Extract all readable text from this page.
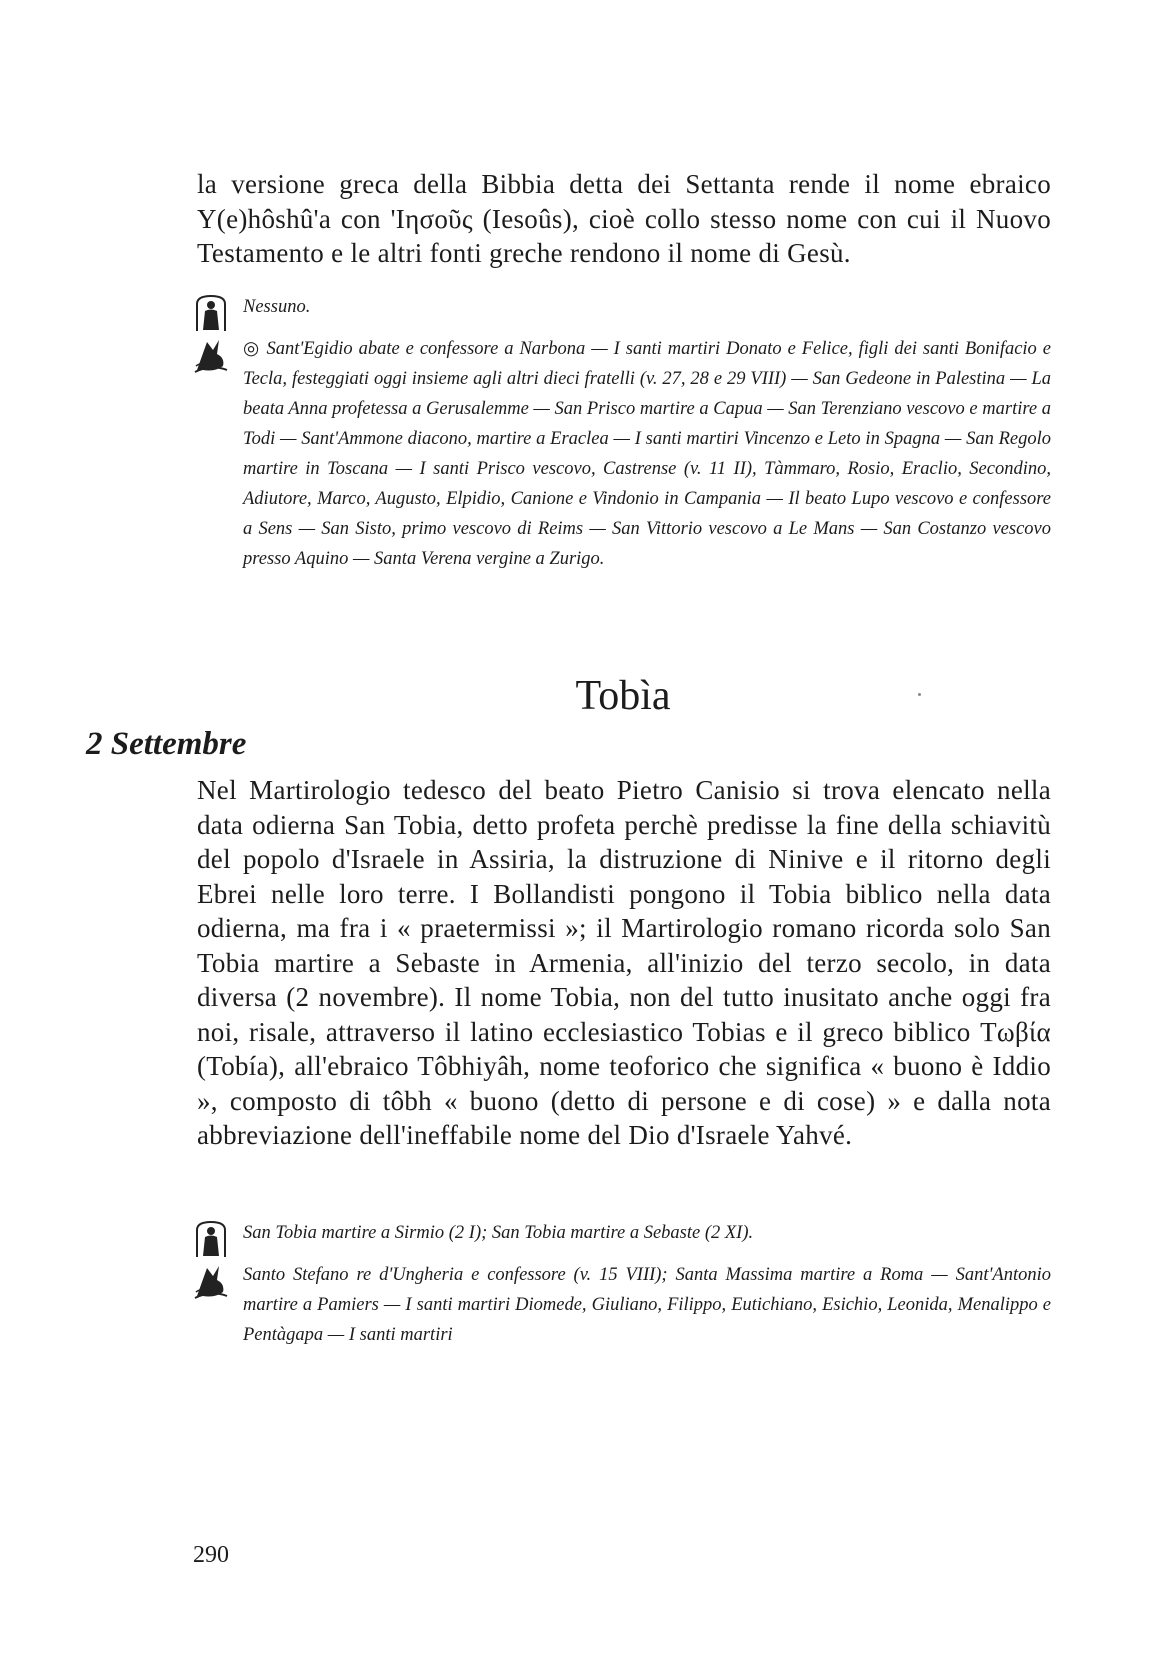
la versione greca della Bibbia detta dei Settanta rende il nome ebraico Y(e)hôshû'a con 'Ιησοῦς (Iesoûs), cioè collo stesso nome con cui il Nuovo Testamento e le altri fonti greche rendono il nome di Gesù.

Nessuno.
◎ Sant'Egidio abate e confessore a Narbona — I santi martiri Donato e Felice, figli dei santi Bonifacio e Tecla, festeggiati oggi insieme agli altri dieci fratelli (v. 27, 28 e 29 VIII) — San Gedeone in Palestina — La beata Anna profetessa a Gerusalemme — San Prisco martire a Capua — San Terenziano vescovo e martire a Todi — Sant'Ammone diacono, martire a Eraclea — I santi martiri Vincenzo e Leto in Spagna — San Regolo martire in Toscana — I santi Prisco vescovo, Castrense (v. 11 II), Tàmmaro, Rosio, Eraclio, Secondino, Adiutore, Marco, Augusto, Elpidio, Canione e Vindonio in Campania — Il beato Lupo vescovo e confessore a Sens — San Sisto, primo vescovo di Reims — San Vittorio vescovo a Le Mans — San Costanzo vescovo presso Aquino — Santa Verena vergine a Zurigo.
Tobìa
2 Settembre

Nel Martirologio tedesco del beato Pietro Canisio si trova elencato nella data odierna San Tobia, detto profeta perchè predisse la fine della schiavitù del popolo d'Israele in Assiria, la distruzione di Ninive e il ritorno degli Ebrei nelle loro terre. I Bollandisti pongono il Tobia biblico nella data odierna, ma fra i « praetermissi »; il Martirologio romano ricorda solo San Tobia martire a Sebaste in Armenia, all'inizio del terzo secolo, in data diversa (2 novembre). Il nome Tobia, non del tutto inusitato anche oggi fra noi, risale, attraverso il latino ecclesiastico Tobias e il greco biblico Τωβία (Tobía), all'ebraico Tôbhiyâh, nome teoforico che significa « buono è Iddio », composto di tôbh « buono (detto di persone e di cose) » e dalla nota abbreviazione dell'ineffabile nome del Dio d'Israele Yahvé.

San Tobia martire a Sirmio (2 I); San Tobia martire a Sebaste (2 XI).
Santo Stefano re d'Ungheria e confessore (v. 15 VIII); Santa Massima martire a Roma — Sant'Antonio martire a Pamiers — I santi martiri Diomede, Giuliano, Filippo, Eutichiano, Esichio, Leonida, Menalippo e Pentàgapa — I santi martiri

290
